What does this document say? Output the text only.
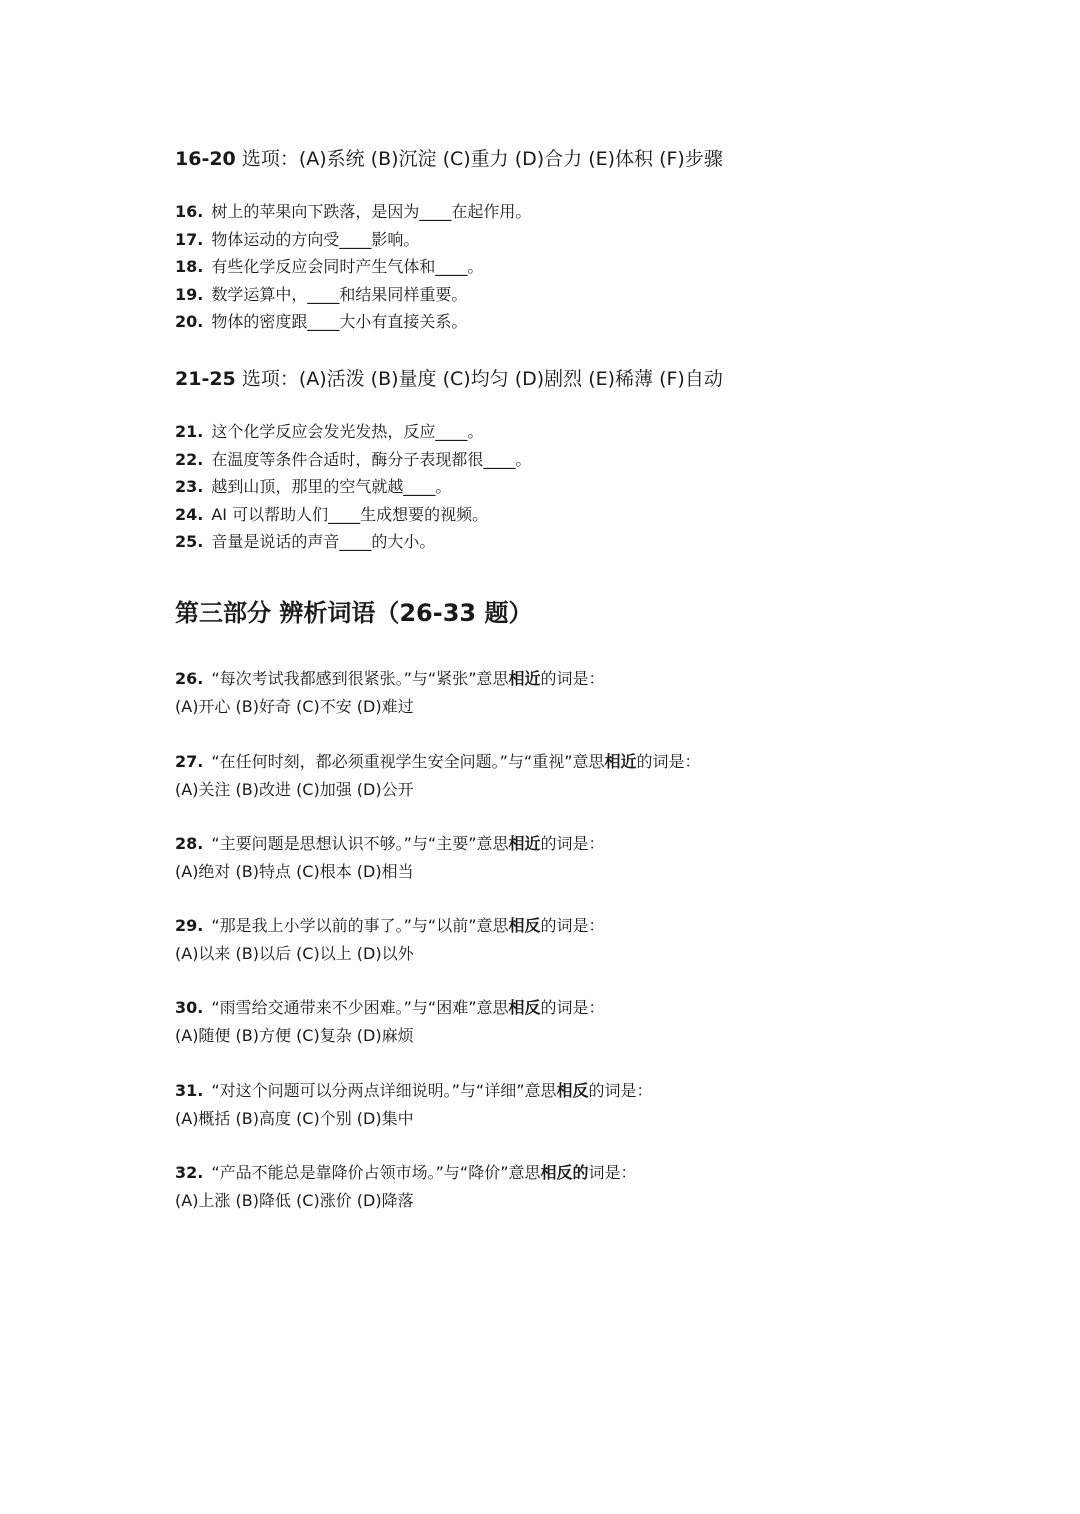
16-20 选项：(A)系统 (B)沉淀 (C)重力 (D)合力 (E)体积 (F)步骤
16. 树上的苹果向下跌落，是因为____在起作用。
17. 物体运动的方向受____影响。
18. 有些化学反应会同时产生气体和____。
19. 数学运算中，____和结果同样重要。
20. 物体的密度跟____大小有直接关系。
21-25 选项：(A)活泼 (B)量度 (C)均匀 (D)剧烈 (E)稀薄 (F)自动
21. 这个化学反应会发光发热，反应____。
22. 在温度等条件合适时，酶分子表现都很____。
23. 越到山顶，那里的空气就越____。
24. AI 可以帮助人们____生成想要的视频。
25. 音量是说话的声音____的大小。
第三部分 辨析词语（26-33 题）
26. “每次考试我都感到很紧张。”与“紧张”意思相近的词是：
(A)开心 (B)好奇 (C)不安 (D)难过
27. “在任何时刻，都必须重视学生安全问题。”与“重视”意思相近的词是：
(A)关注 (B)改进 (C)加强 (D)公开
28. “主要问题是思想认识不够。”与“主要”意思相近的词是：
(A)绝对 (B)特点 (C)根本 (D)相当
29. “那是我上小学以前的事了。”与“以前”意思相反的词是：
(A)以来 (B)以后 (C)以上 (D)以外
30. “雨雪给交通带来不少困难。”与“困难”意思相反的词是：
(A)随便 (B)方便 (C)复杂 (D)麻烦
31. “对这个问题可以分两点详细说明。”与“详细”意思相反的词是：
(A)概括 (B)高度 (C)个别 (D)集中
32. “产品不能总是靠降价占领市场。”与“降价”意思相反的词是：
(A)上涨 (B)降低 (C)涨价 (D)降落
